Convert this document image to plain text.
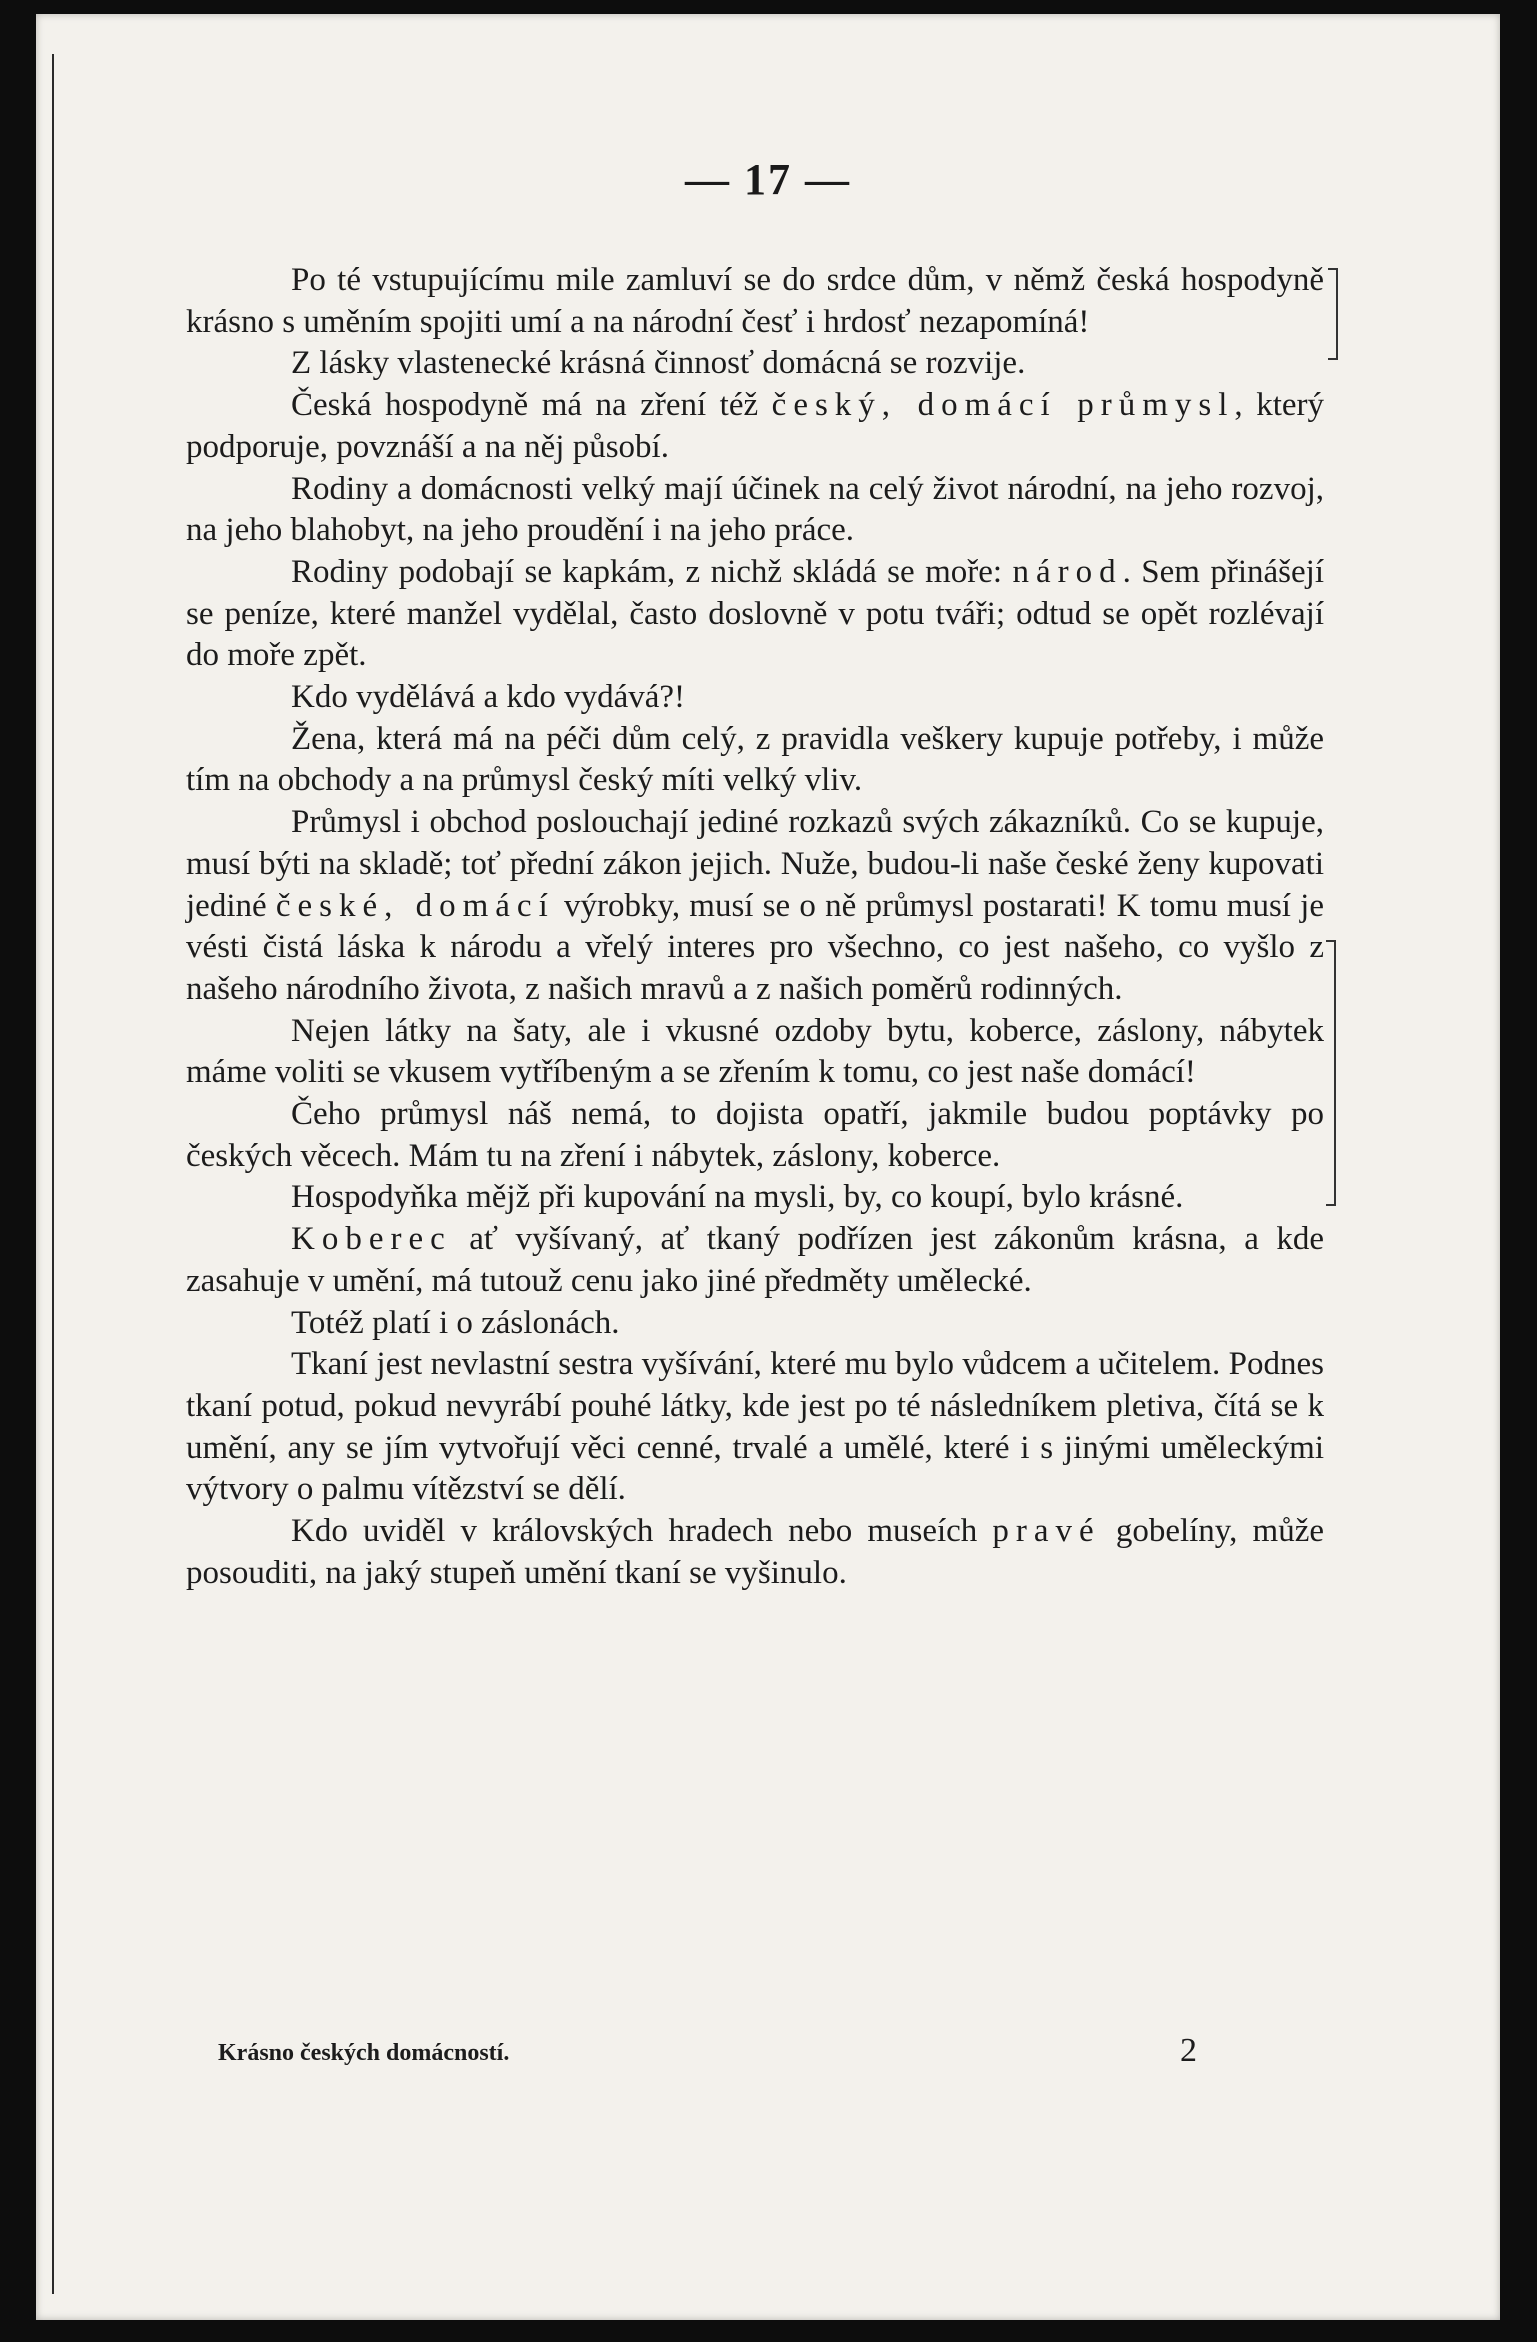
— 17 —

Po té vstupujícímu mile zamluví se do srdce dům, v němž česká hospodyně krásno s uměním spojiti umí a na národní česť i hrdosť nezapomíná!

Z lásky vlastenecké krásná činnosť domácná se rozvije.

Česká hospodyně má na zření též český, domácí průmysl, který podporuje, povznáší a na něj působí.

Rodiny a domácnosti velký mají účinek na celý život národní, na jeho rozvoj, na jeho blahobyt, na jeho proudění i na jeho práce.

Rodiny podobají se kapkám, z nichž skládá se moře: národ. Sem přinášejí se peníze, které manžel vydělal, často doslovně v potu tváři; odtud se opět rozlévají do moře zpět.

Kdo vydělává a kdo vydává?!

Žena, která má na péči dům celý, z pravidla veškery kupuje potřeby, i může tím na obchody a na průmysl český míti velký vliv.

Průmysl i obchod poslouchají jediné rozkazů svých zákazníků. Co se kupuje, musí býti na skladě; toť přední zákon jejich. Nuže, budou-li naše české ženy kupovati jediné české, domácí výrobky, musí se o ně průmysl postarati! K tomu musí je vésti čistá láska k národu a vřelý interes pro všechno, co jest našeho, co vyšlo z našeho národního života, z našich mravů a z našich poměrů rodinných.

Nejen látky na šaty, ale i vkusné ozdoby bytu, koberce, záslony, nábytek máme voliti se vkusem vytříbeným a se zřením k tomu, co jest naše domácí!

Čeho průmysl náš nemá, to dojista opatří, jakmile budou poptávky po českých věcech. Mám tu na zření i nábytek, záslony, koberce.

Hospodyňka mějž při kupování na mysli, by, co koupí, bylo krásné.

Koberec ať vyšívaný, ať tkaný podřízen jest zákonům krásna, a kde zasahuje v umění, má tutouž cenu jako jiné předměty umělecké.

Totéž platí i o záslonách.

Tkaní jest nevlastní sestra vyšívání, které mu bylo vůdcem a učitelem. Podnes tkaní potud, pokud nevyrábí pouhé látky, kde jest po té následníkem pletiva, čítá se k umění, any se jím vytvořují věci cenné, trvalé a umělé, které i s jinými uměleckými výtvory o palmu vítězství se dělí.

Kdo uviděl v královských hradech nebo museích pravé gobelíny, může posouditi, na jaký stupeň umění tkaní se vyšinulo.

Krásno českých domácností.	2
